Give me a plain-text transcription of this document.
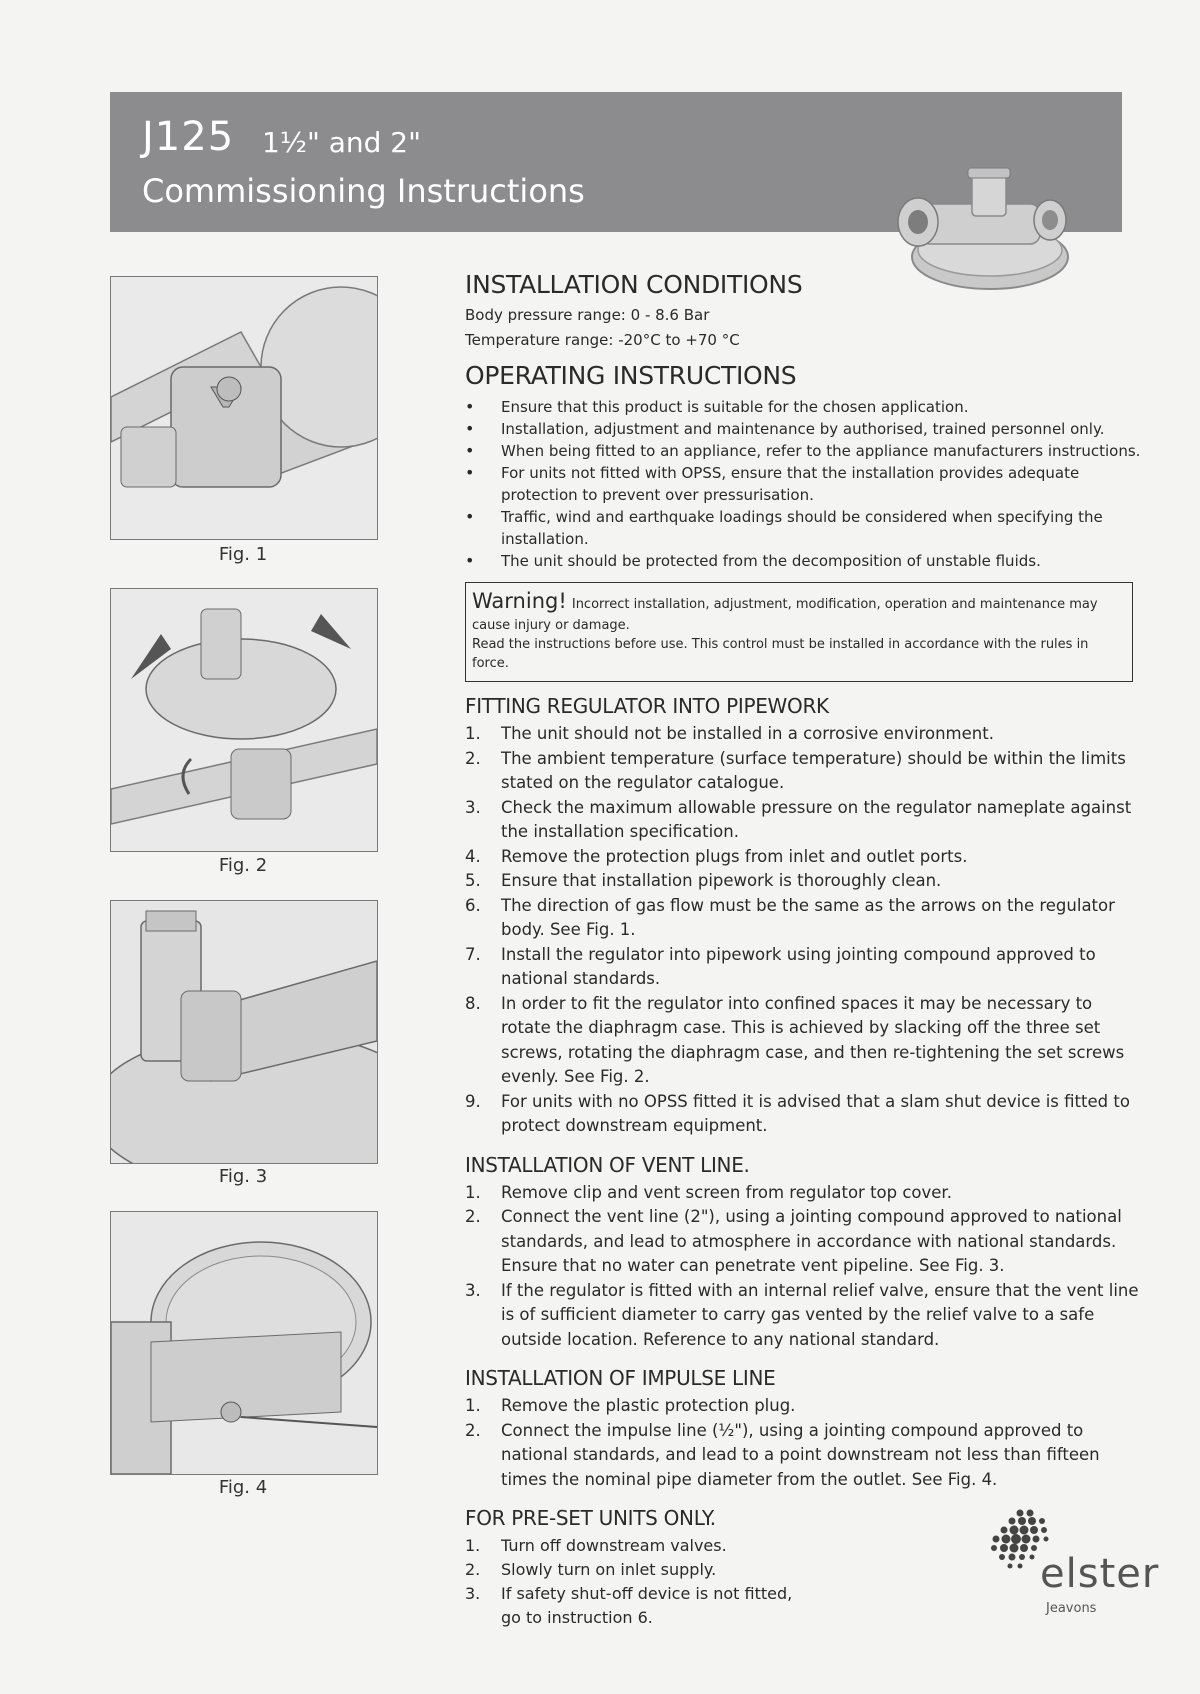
J125 1½" and 2"
Commissioning Instructions
Fig. 1
Fig. 2
Fig. 3
Fig. 4
INSTALLATION CONDITIONS
Body pressure range: 0 - 8.6 Bar
Temperature range: -20°C to +70 °C
OPERATING INSTRUCTIONS
• Ensure that this product is suitable for the chosen application.
• Installation, adjustment and maintenance by authorised, trained personnel only.
• When being fitted to an appliance, refer to the appliance manufacturers instructions.
• For units not fitted with OPSS, ensure that the installation provides adequate protection to prevent over pressurisation.
• Traffic, wind and earthquake loadings should be considered when specifying the installation.
• The unit should be protected from the decomposition of unstable fluids.
Warning! Incorrect installation, adjustment, modification, operation and maintenance may cause injury or damage.
Read the instructions before use. This control must be installed in accordance with the rules in force.
FITTING REGULATOR INTO PIPEWORK
1. The unit should not be installed in a corrosive environment.
2. The ambient temperature (surface temperature) should be within the limits stated on the regulator catalogue.
3. Check the maximum allowable pressure on the regulator nameplate against the installation specification.
4. Remove the protection plugs from inlet and outlet ports.
5. Ensure that installation pipework is thoroughly clean.
6. The direction of gas flow must be the same as the arrows on the regulator body. See Fig. 1.
7. Install the regulator into pipework using jointing compound approved to national standards.
8. In order to fit the regulator into confined spaces it may be necessary to rotate the diaphragm case. This is achieved by slacking off the three set screws, rotating the diaphragm case, and then re-tightening the set screws evenly. See Fig. 2.
9. For units with no OPSS fitted it is advised that a slam shut device is fitted to protect downstream equipment.
INSTALLATION OF VENT LINE.
1. Remove clip and vent screen from regulator top cover.
2. Connect the vent line (2"), using a jointing compound approved to national standards, and lead to atmosphere in accordance with national standards. Ensure that no water can penetrate vent pipeline. See Fig. 3.
3. If the regulator is fitted with an internal relief valve, ensure that the vent line is of sufficient diameter to carry gas vented by the relief valve to a safe outside location. Reference to any national standard.
INSTALLATION OF IMPULSE LINE
1. Remove the plastic protection plug.
2. Connect the impulse line (½"), using a jointing compound approved to national standards, and lead to a point downstream not less than fifteen times the nominal pipe diameter from the outlet. See Fig. 4.
FOR PRE-SET UNITS ONLY.
1. Turn off downstream valves.
2. Slowly turn on inlet supply.
3. If safety shut-off device is not fitted, go to instruction 6.
elster
Jeavons
